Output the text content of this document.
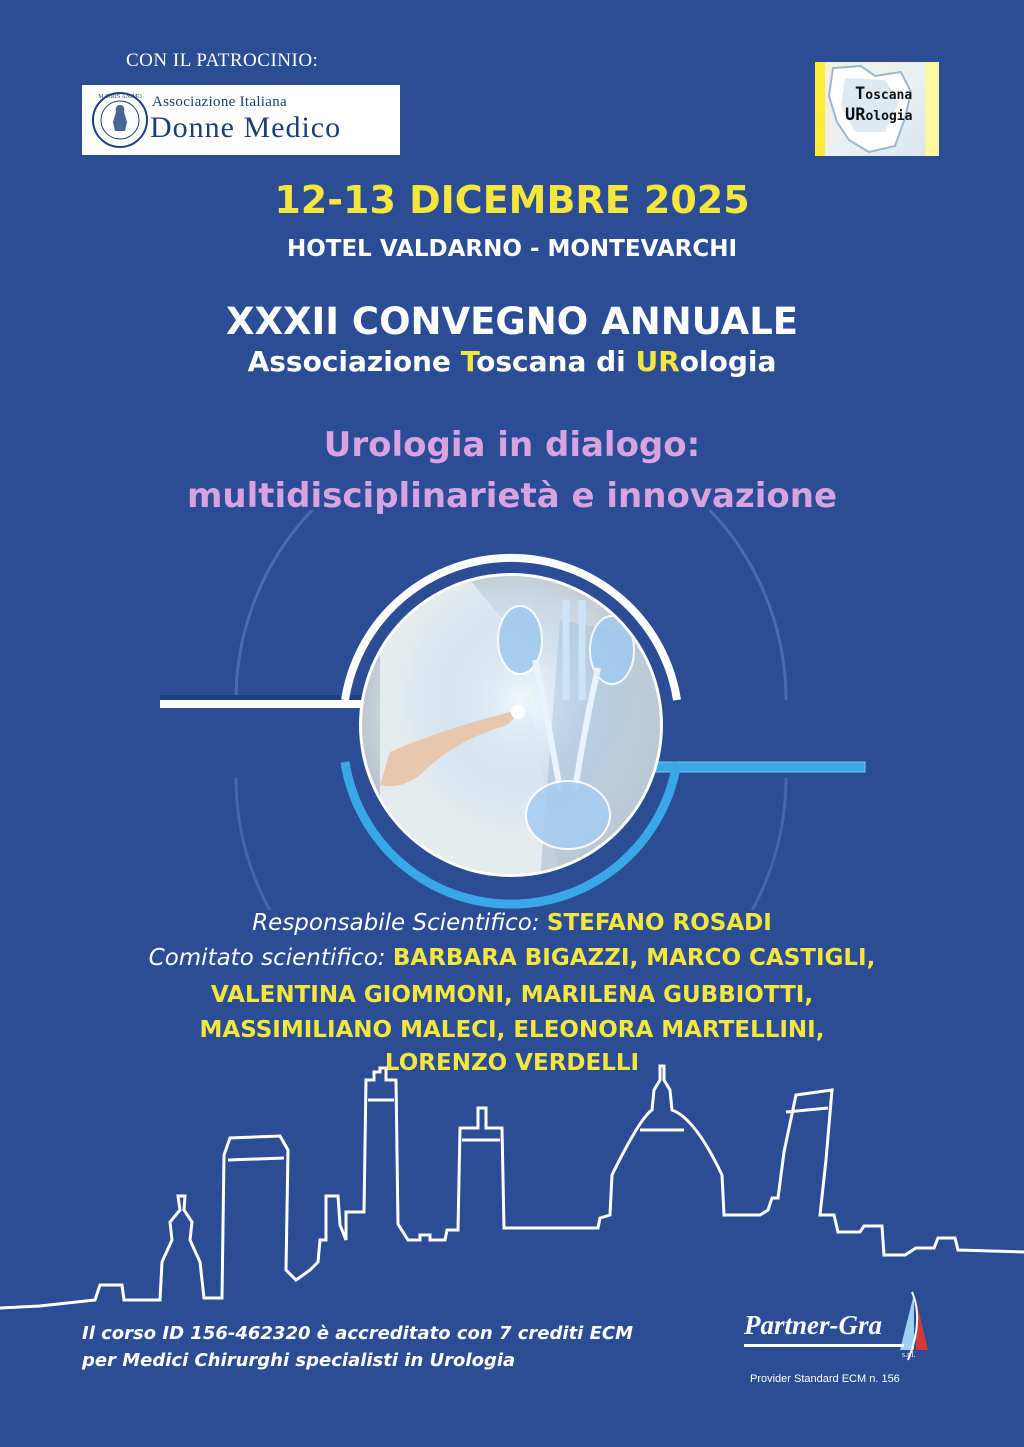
CON IL PATROCINIO:
MATRIS ANIMO Associazione Italiana
Donne Medico
Toscana
URologia
12-13 DICEMBRE 2025
HOTEL VALDARNO - MONTEVARCHI
XXXII CONVEGNO ANNUALE
Associazione Toscana di URologia
Urologia in dialogo:
multidisciplinarietà e innovazione
Responsabile Scientifico: STEFANO ROSADI
Comitato scientifico: BARBARA BIGAZZI, MARCO CASTIGLI,
VALENTINA GIOMMONI, MARILENA GUBBIOTTI,
MASSIMILIANO MALECI, ELEONORA MARTELLINI,
LORENZO VERDELLI
Il corso ID 156-462320 è accreditato con 7 crediti ECM
per Medici Chirurghi specialisti in Urologia
Partner-Gra
s.r.l.
Provider Standard ECM n. 156
